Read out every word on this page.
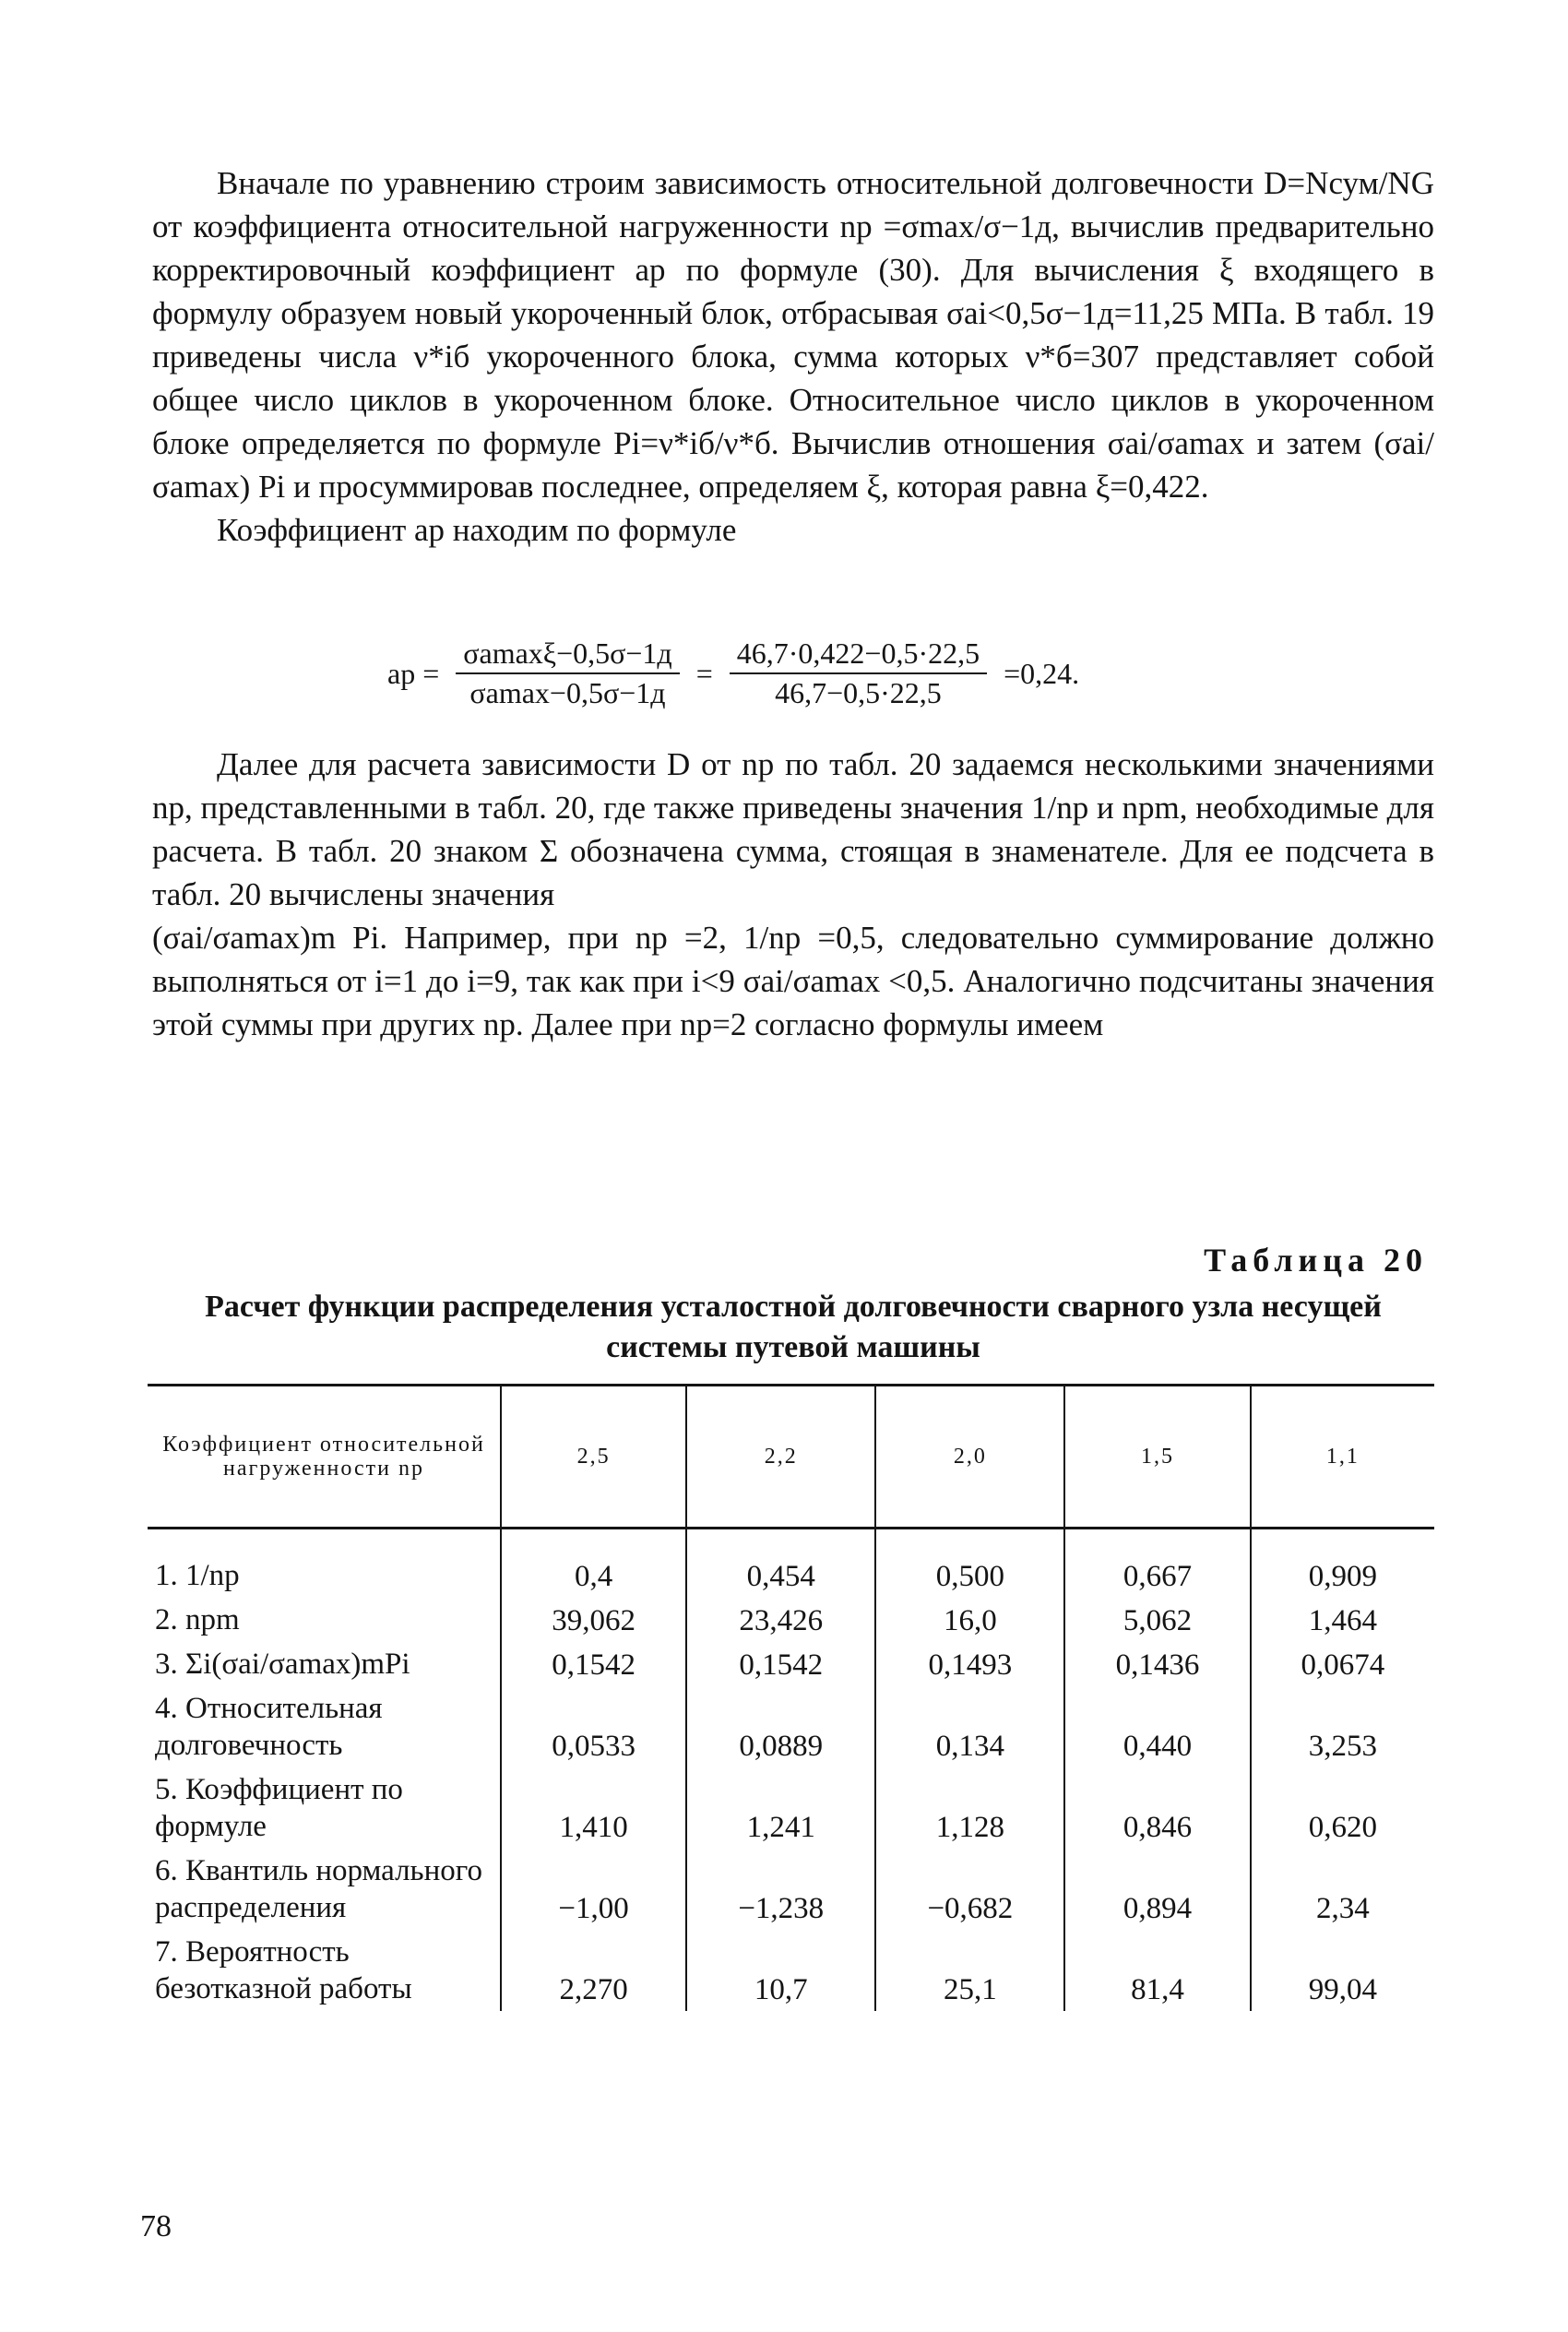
Вначале по уравнению строим зависимость относительной долговечности D=Nсум/NG от коэффициента относительной нагруженности np =σmax/σ−1д, вычислив предварительно корректировочный коэффициент ap по формуле (30). Для вычисления ξ входящего в формулу образуем новый укороченный блок, отбрасывая σai<0,5σ−1д=11,25 МПа. В табл. 19 приведены числа ν*iб укороченного блока, сумма которых ν*б=307 представляет собой общее число циклов в укороченном блоке. Относительное число циклов в укороченном блоке определяется по формуле Pi=ν*iб/ν*б. Вычислив отношения σai/σamax и затем (σai/σamax) Pi и просуммировав последнее, определяем ξ, которая равна ξ=0,422.

Коэффициент ap находим по формуле

ap = $\frac{\sigma amax\xi-0,5\sigma-1д}{\sigma amax-0,5\sigma-1д} = \frac{46,7\cdot 0,422-0,5\cdot 22,5}{46,7-0,5\cdot 22,5} =0,24$.

Далее для расчета зависимости D от np по табл. 20 задаемся несколькими значениями np, представленными в табл. 20, где также приведены значения 1/np и npm, необходимые для расчета. В табл. 20 знаком Σ обозначена сумма, стоящая в знаменателе. Для ее подсчета в табл. 20 вычислены значения

(σai/σamax)m Pi. Например, при np =2, 1/np =0,5, следовательно суммирование должно выполняться от i=1 до i=9, так как при i<9 σai/σamax <0,5. Аналогично подсчитаны значения этой суммы при других np. Далее при np=2 согласно формулы имеем

Таблица 20
Расчет функции распределения усталостной долговечности сварного узла несущей системы путевой машины
Коэффициент относительной нагруженности np	2,5	2,2	2,0	1,5	1,1
1. 1/np	0,4	0,454	0,500	0,667	0,909
2. npm	39,062	23,426	16,0	5,062	1,464
3. Σi(σai/σamax)mPi	0,1542	0,1542	0,1493	0,1436	0,0674
4. Относительная долговечность	0,0533	0,0889	0,134	0,440	3,253
5. Коэффициент по формуле	1,410	1,241	1,128	0,846	0,620
6. Квантиль нормального распределения	−1,00	−1,238	−0,682	0,894	2,34
7. Вероятность безотказной работы	2,270	10,7	25,1	81,4	99,04
78
